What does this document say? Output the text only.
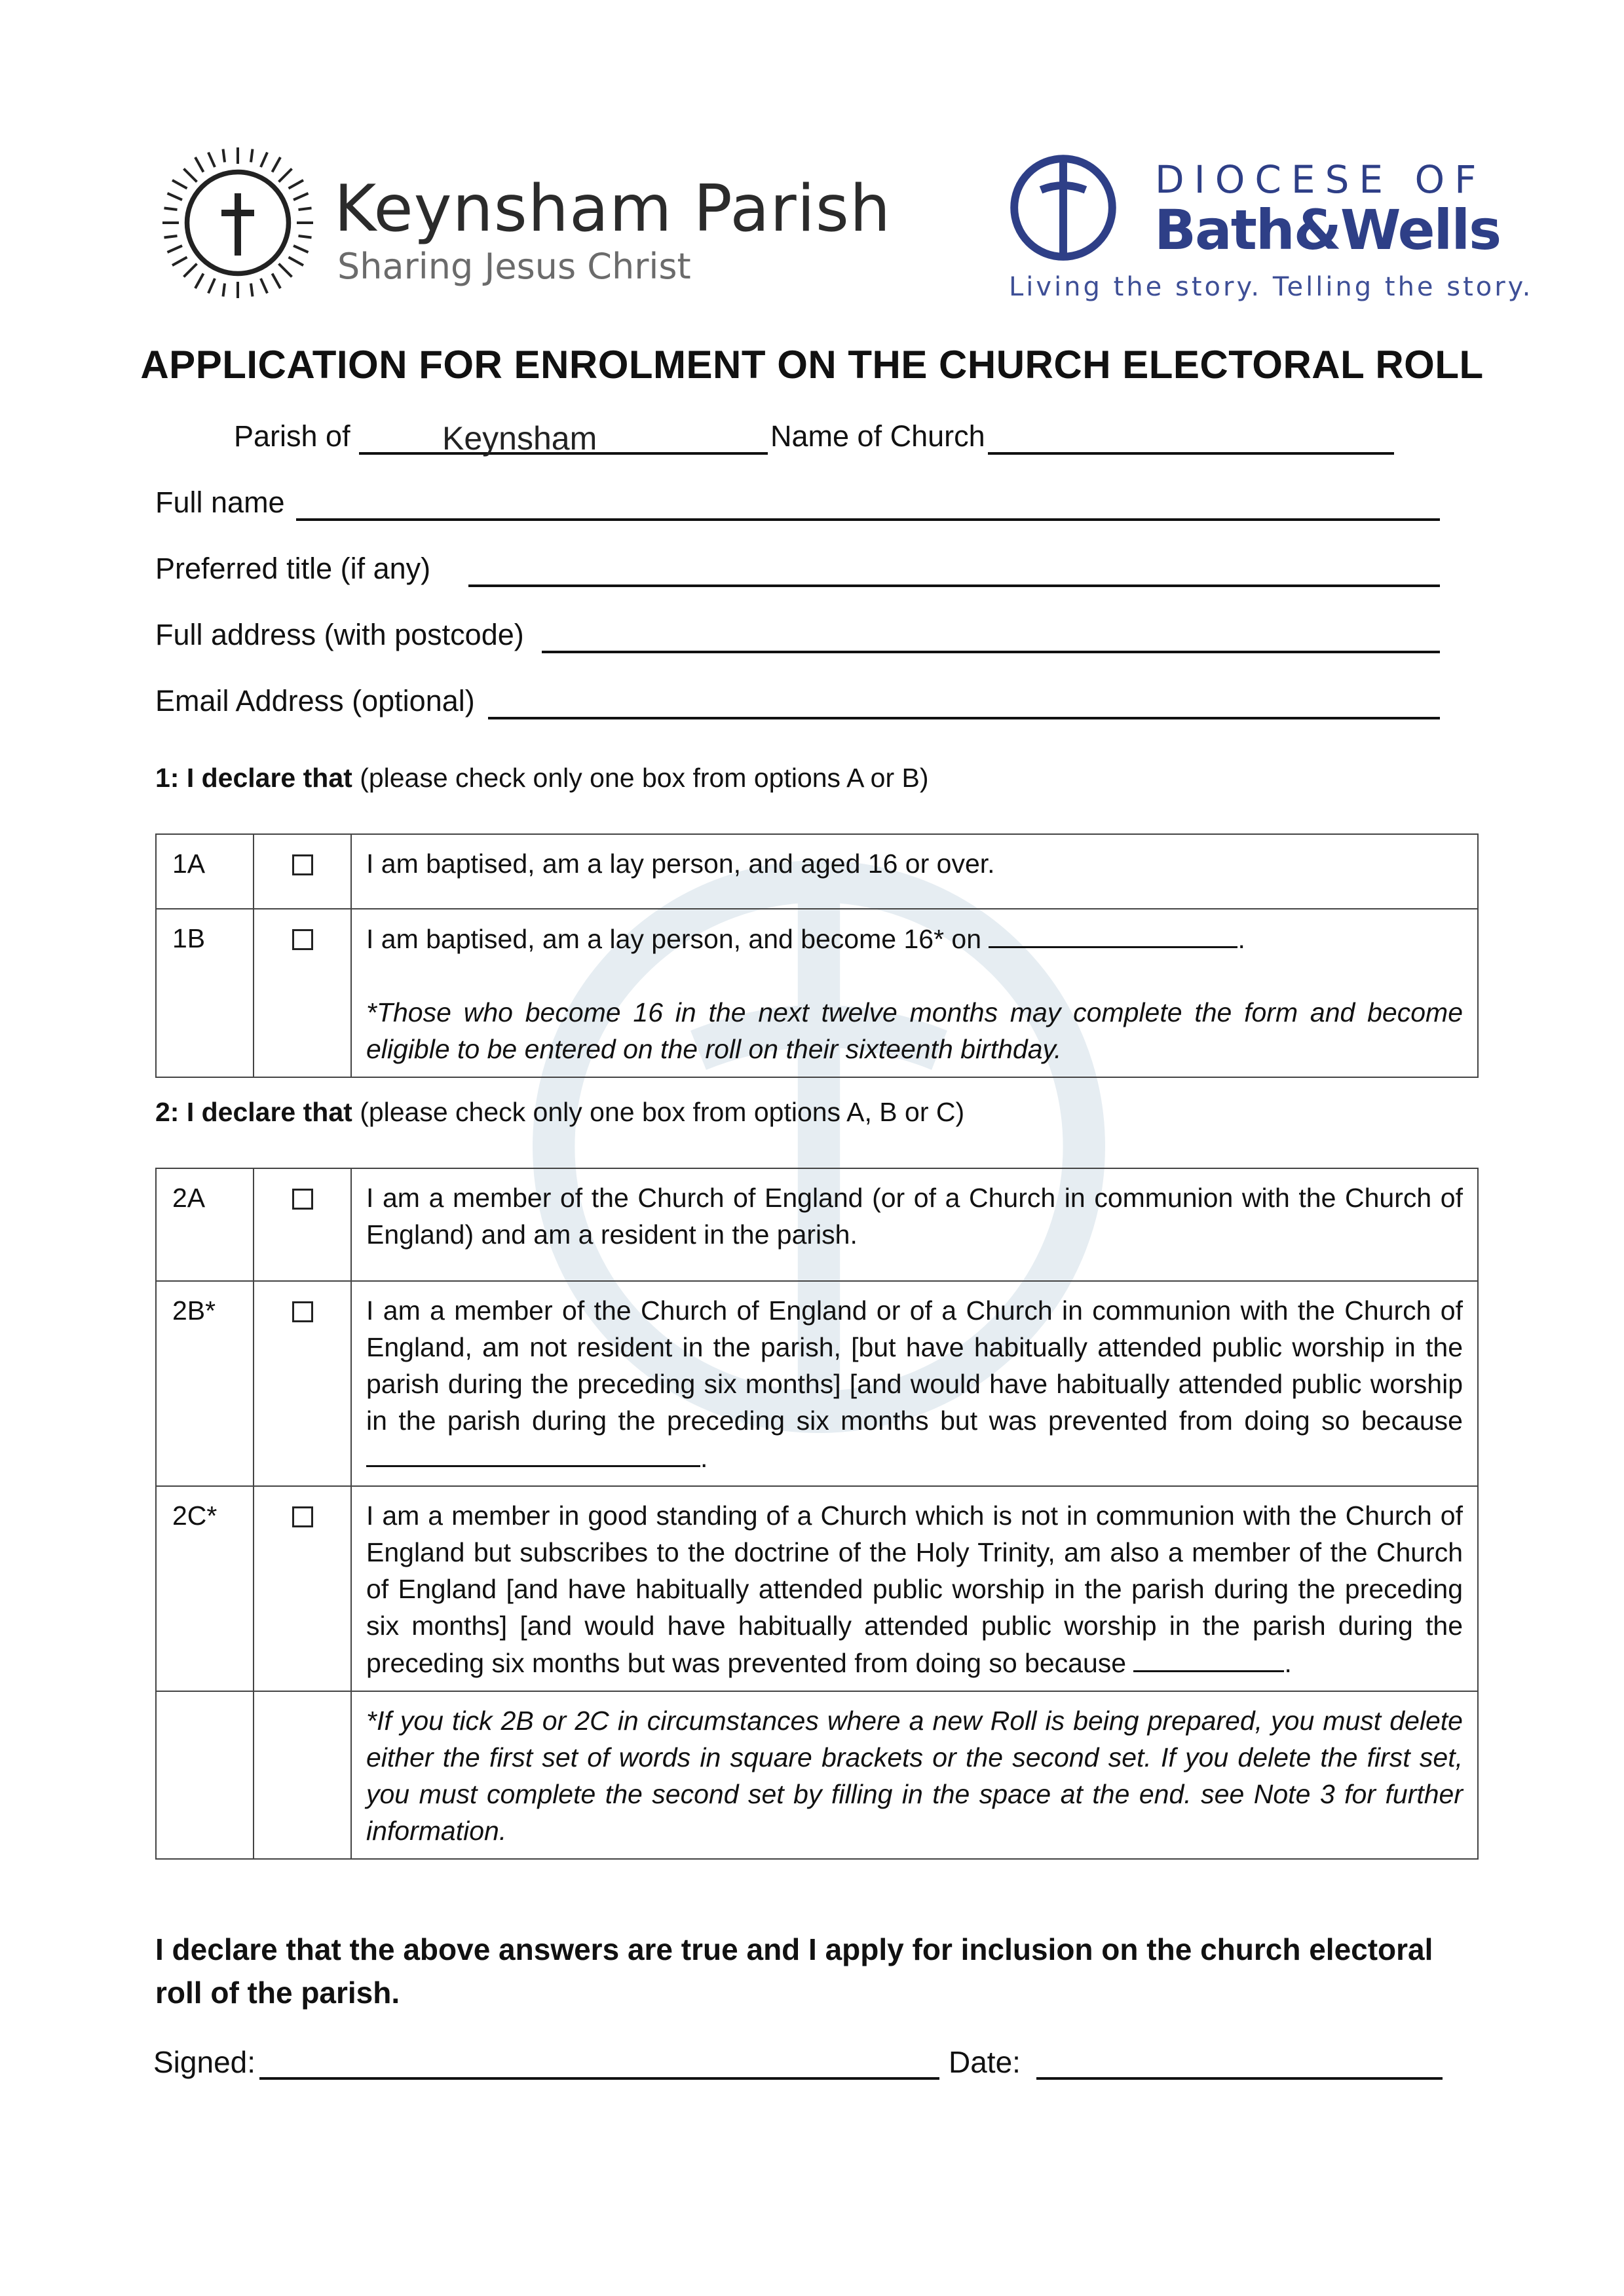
Keynsham Parish
Sharing Jesus Christ
DIOCESE OF
Bath&Wells
Living the story. Telling the story.
APPLICATION FOR ENROLMENT ON THE CHURCH ELECTORAL ROLL
Parish of	Keynsham	Name of Church
Full name
Preferred title (if any)
Full address (with postcode)
Email Address (optional)
1: I declare that (please check only one box from options A or B)
1A		I am baptised, am a lay person, and aged 16 or over.
1B		I am baptised, am a lay person, and become 16* on .
*Those who become 16 in the next twelve months may complete the form and become eligible to be entered on the roll on their sixteenth birthday.
2: I declare that (please check only one box from options A, B or C)
2A		I am a member of the Church of England (or of a Church in communion with the Church of England) and am a resident in the parish.
2B*		I am a member of the Church of England or of a Church in communion with the Church of England, am not resident in the parish, [but have habitually attended public worship in the parish during the preceding six months] [and would have habitually attended public worship in the parish during the preceding six months but was prevented from doing so because .
2C*		I am a member in good standing of a Church which is not in communion with the Church of England but subscribes to the doctrine of the Holy Trinity, am also a member of the Church of England [and have habitually attended public worship in the parish during the preceding six months] [and would have habitually attended public worship in the parish during the preceding six months but was prevented from doing so because .
		*If you tick 2B or 2C in circumstances where a new Roll is being prepared, you must delete either the first set of words in square brackets or the second set. If you delete the first set, you must complete the second set by filling in the space at the end. see Note 3 for further information.
I declare that the above answers are true and I apply for inclusion on the church electoral roll of the parish.
Signed:	Date:
